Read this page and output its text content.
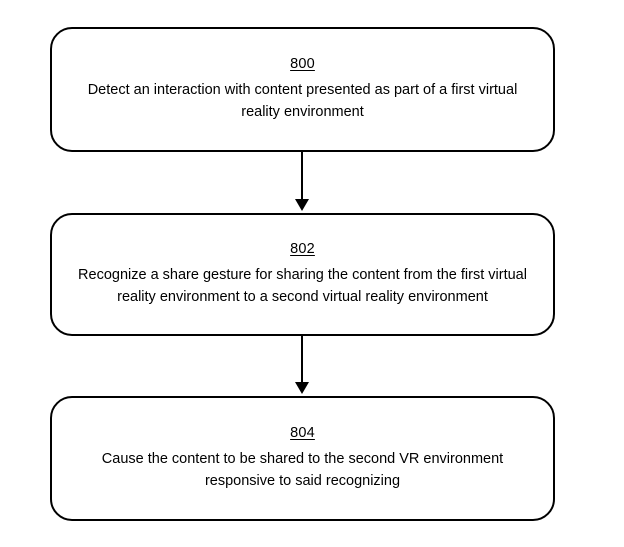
800
Detect an interaction with content presented as part of a first virtual reality environment
802
Recognize a share gesture for sharing the content from the first virtual reality environment to a second virtual reality environment
804
Cause the content to be shared to the second VR environment responsive to said recognizing
